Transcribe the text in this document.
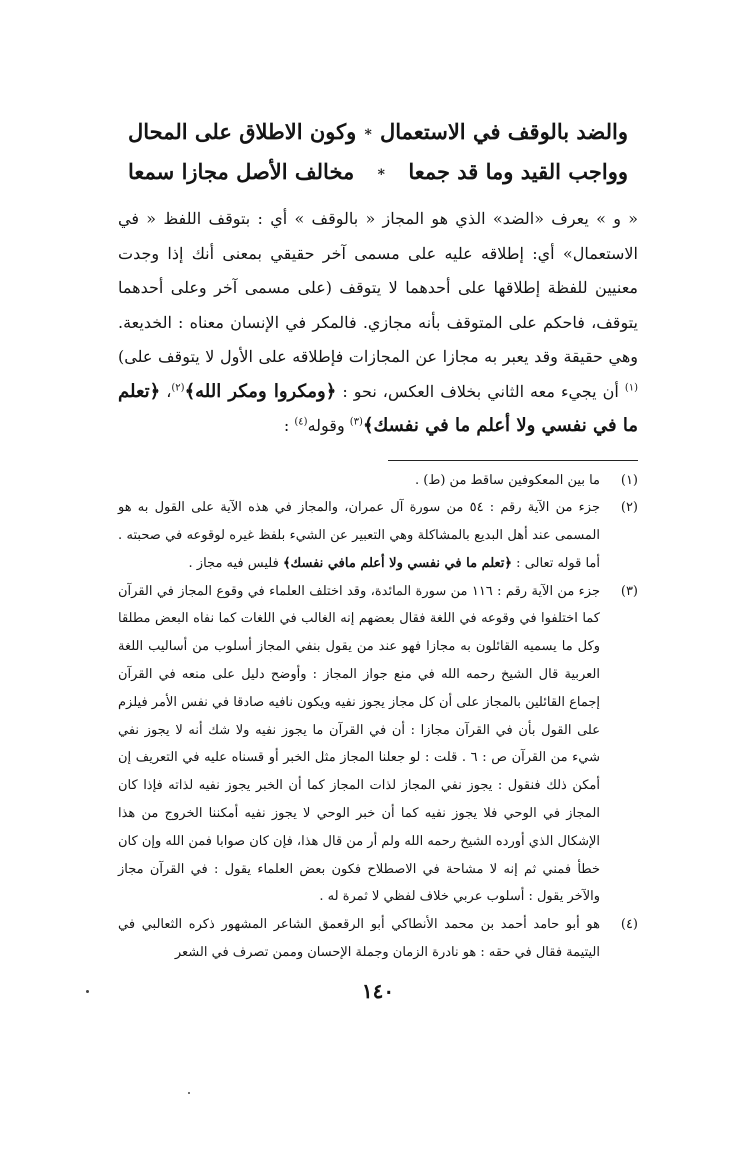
والضد بالوقف في الاستعمال
*
وكون الاطلاق على المحال
وواجب القيد وما قد جمعا
*
مخالف الأصل مجازا سمعا
« و » يعرف «الضد» الذي هو المجاز « بالوقف » أي : بتوقف اللفظ « في الاستعمال» أي: إطلاقه عليه على مسمى آخر حقيقي بمعنى أنك إذا وجدت معنيين للفظة إطلاقها على أحدهما لا يتوقف (على مسمى آخر وعلى أحدهما يتوقف، فاحكم على المتوقف بأنه مجازي. فالمكر في الإنسان معناه : الخديعة. وهي حقيقة وقد يعبر به مجازا عن المجازات فإطلاقه على الأول لا يتوقف على)$^{(١)}$ أن يجيء معه الثاني بخلاف العكس، نحو : ﴿ومكروا ومكر الله﴾$^{(٢)}$، ﴿تعلم ما في نفسي ولا أعلم ما في نفسك﴾$^{(٣)}$ وقوله$^{(٤)}$ :
(١)
ما بين المعكوفين ساقط من (ط) .
(٢)
جزء من الآية رقم : ٥٤ من سورة آل عمران، والمجاز في هذه الآية على القول به هو المسمى عند أهل البديع بالمشاكلة وهي التعبير عن الشيء بلفظ غيره لوقوعه في صحبته . أما قوله تعالى : ﴿تعلم ما في نفسي ولا أعلم مافي نفسك﴾ فليس فيه مجاز .
(٣)
جزء من الآية رقم : ١١٦ من سورة المائدة، وقد اختلف العلماء في وقوع المجاز في القرآن كما اختلفوا في وقوعه في اللغة فقال بعضهم إنه الغالب في اللغات كما نفاه البعض مطلقا وكل ما يسميه القائلون به مجازا فهو عند من يقول بنفي المجاز أسلوب من أساليب اللغة العربية قال الشيخ رحمه الله في منع جواز المجاز : وأوضح دليل على منعه في القرآن إجماع القائلين بالمجاز على أن كل مجاز يجوز نفيه ويكون نافيه صادقا في نفس الأمر فيلزم على القول بأن في القرآن مجازا : أن في القرآن ما يجوز نفيه ولا شك أنه لا يجوز نفي شيء من القرآن ص : ٦ . قلت : لو جعلنا المجاز مثل الخبر أو قسناه عليه في التعريف إن أمكن ذلك فنقول : يجوز نفي المجاز لذات المجاز كما أن الخبر يجوز نفيه لذاته فإذا كان المجاز في الوحي فلا يجوز نفيه كما أن خبر الوحي لا يجوز نفيه أمكننا الخروج من هذا الإشكال الذي أورده الشيخ رحمه الله ولم أر من قال هذا، فإن كان صوابا فمن الله وإن كان خطأ فمني ثم إنه لا مشاحة في الاصطلاح فكون بعض العلماء يقول : في القرآن مجاز والآخر يقول : أسلوب عربي خلاف لفظي لا ثمرة له .
(٤)
هو أبو حامد أحمد بن محمد الأنطاكي أبو الرقعمق الشاعر المشهور ذكره الثعالبي في اليتيمة فقال في حقه : هو نادرة الزمان وجملة الإحسان وممن تصرف في الشعر
١٤٠
